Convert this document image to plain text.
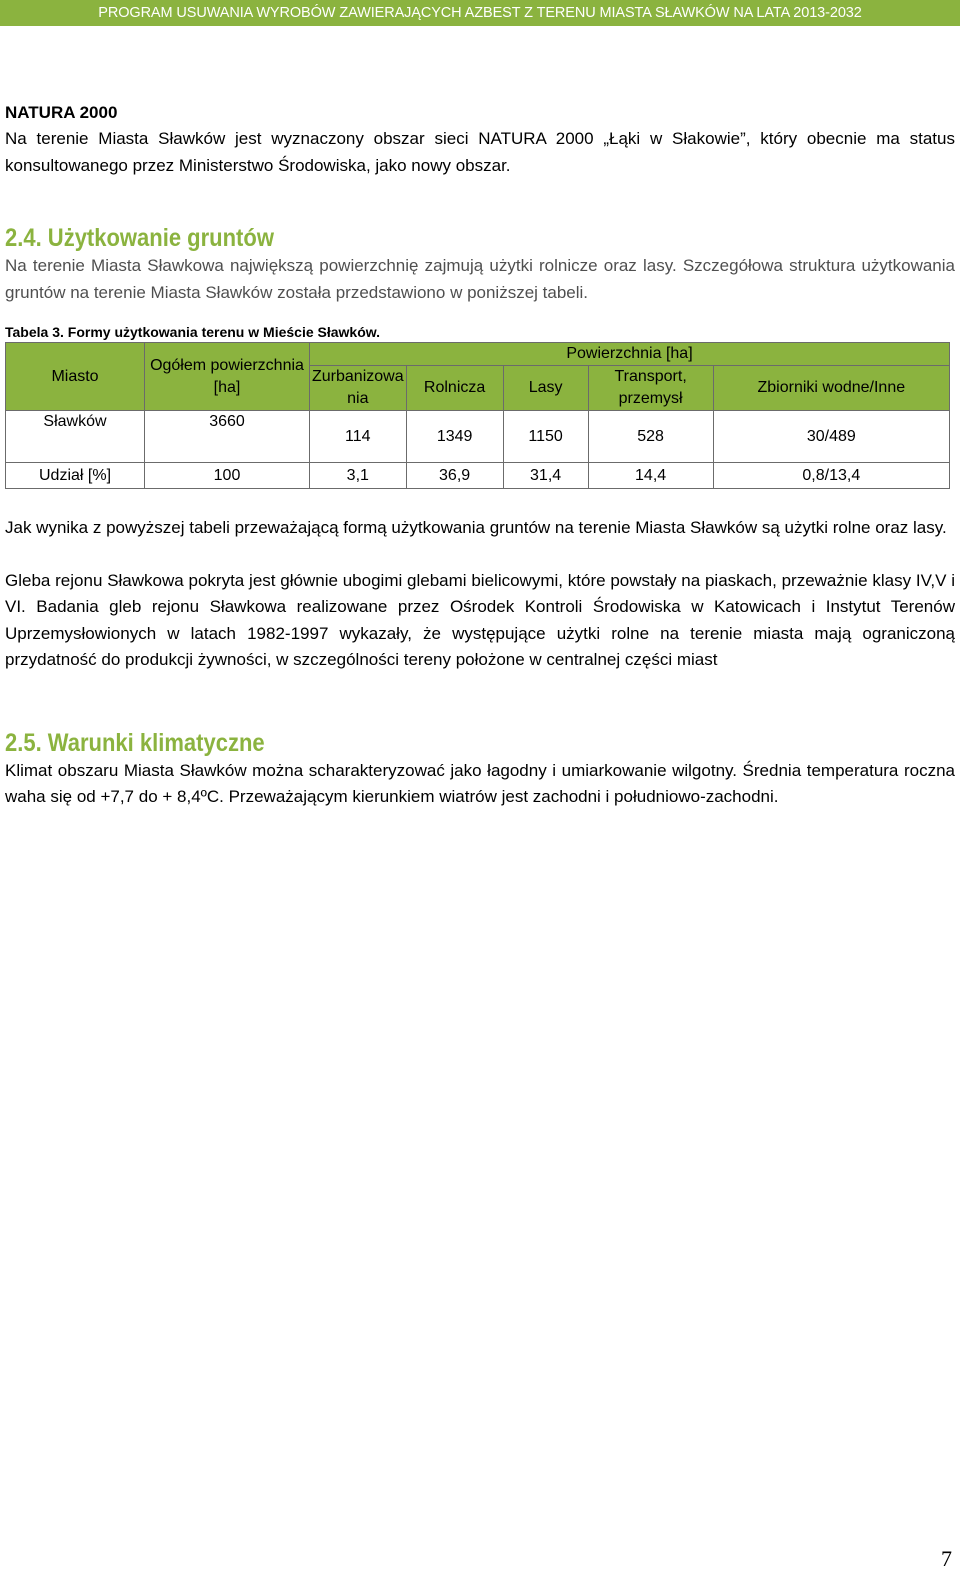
PROGRAM USUWANIA WYROBÓW ZAWIERAJĄCYCH AZBEST Z TERENU MIASTA SŁAWKÓW NA LATA 2013-2032
NATURA 2000

Na terenie Miasta Sławków jest wyznaczony obszar sieci NATURA 2000 „Łąki w Słakowie”, który obecnie ma status konsultowanego przez Ministerstwo Środowiska, jako nowy obszar.

2.4. Użytkowanie gruntów

Na terenie Miasta Sławkowa największą powierzchnię zajmują użytki rolnicze oraz lasy. Szczegółowa struktura użytkowania gruntów na terenie Miasta Sławków została przedstawiono w poniższej tabeli.

Tabela 3. Formy użytkowania terenu w Mieście Sławków.
Miasto	Ogółem powierzchnia [ha]	Powierzchnia [ha]				
		Zurbanizowa nia	Rolnicza	Lasy	Transport, przemysł	Zbiorniki wodne/Inne
Sławków	3660	114	1349	1150	528	30/489
Udział [%]	100	3,1	36,9	31,4	14,4	0,8/13,4

Jak wynika z powyższej tabeli przeważającą formą użytkowania gruntów na terenie Miasta Sławków są użytki rolne oraz lasy.

Gleba rejonu Sławkowa pokryta jest głównie ubogimi glebami bielicowymi, które powstały na piaskach, przeważnie klasy IV,V i VI. Badania gleb rejonu Sławkowa realizowane przez Ośrodek Kontroli Środowiska w Katowicach i Instytut Terenów Uprzemysłowionych w latach 1982-1997 wykazały, że występujące użytki rolne na terenie miasta mają ograniczoną przydatność do produkcji żywności, w szczególności tereny położone w centralnej części miast

2.5. Warunki klimatyczne

Klimat obszaru Miasta Sławków można scharakteryzować jako łagodny i umiarkowanie wilgotny. Średnia temperatura roczna waha się od +7,7 do + 8,4ºC. Przeważającym kierunkiem wiatrów jest zachodni i południowo-zachodni.

7
